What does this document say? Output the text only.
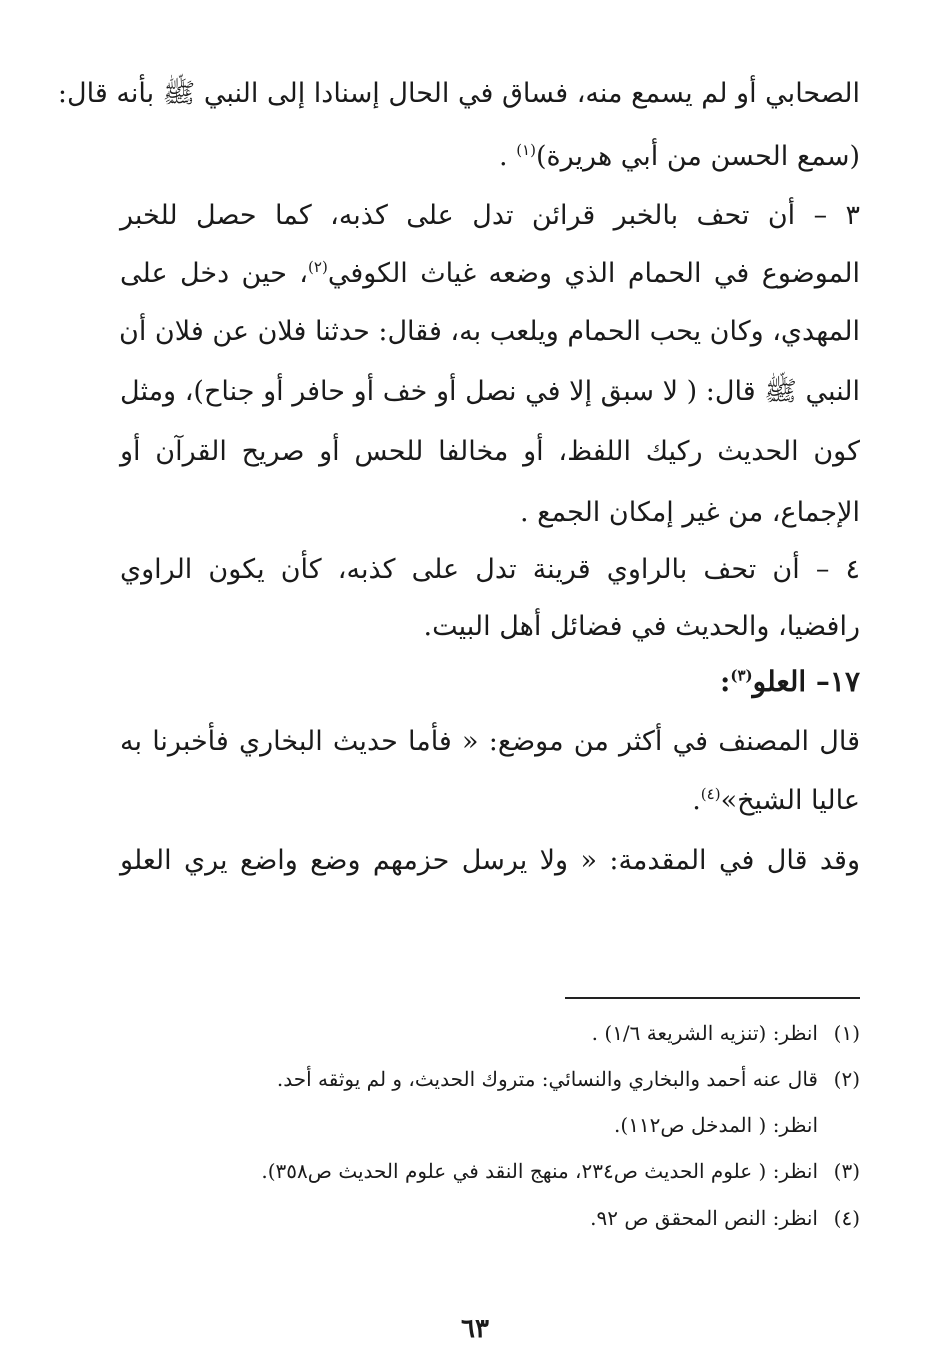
الصحابي أو لم يسمع منه، فساق في الحال إسنادا إلى النبي ﷺ بأنه قال:
(سمع الحسن من أبي هريرة)$^{(١)}$ .
٣ – أن تحف بالخبر قرائن تدل على كذبه، كما حصل للخبر
الموضوع في الحمام الذي وضعه غياث الكوفي$^{(٢)}$، حين دخل على
المهدي، وكان يحب الحمام ويلعب به، فقال: حدثنا فلان عن فلان أن
النبي ﷺ قال: ( لا سبق إلا في نصل أو خف أو حافر أو جناح)، ومثل
كون الحديث ركيك اللفظ، أو مخالفا للحس أو صريح القرآن أو
الإجماع، من غير إمكان الجمع .
٤ – أن تحف بالراوي قرينة تدل على كذبه، كأن يكون الراوي
رافضيا، والحديث في فضائل أهل البيت.
١٧– العلو$^{(٣)}$:
قال المصنف في أكثر من موضع: « فأما حديث البخاري فأخبرنا به
عاليا الشيخ»$^{(٤)}$.
وقد قال في المقدمة: « ولا يرسل حزمهم وضع واضع يري العلو
(١)انظر: (تنزيه الشريعة ١/٦) .
(٢)قال عنه أحمد والبخاري والنسائي: متروك الحديث، و لم يوثقه أحد.
انظر: ( المدخل ص١١٢).
(٣)انظر: ( علوم الحديث ص٢٣٤، منهج النقد في علوم الحديث ص٣٥٨).
(٤)انظر: النص المحقق ص ٩٢.
٦٣
